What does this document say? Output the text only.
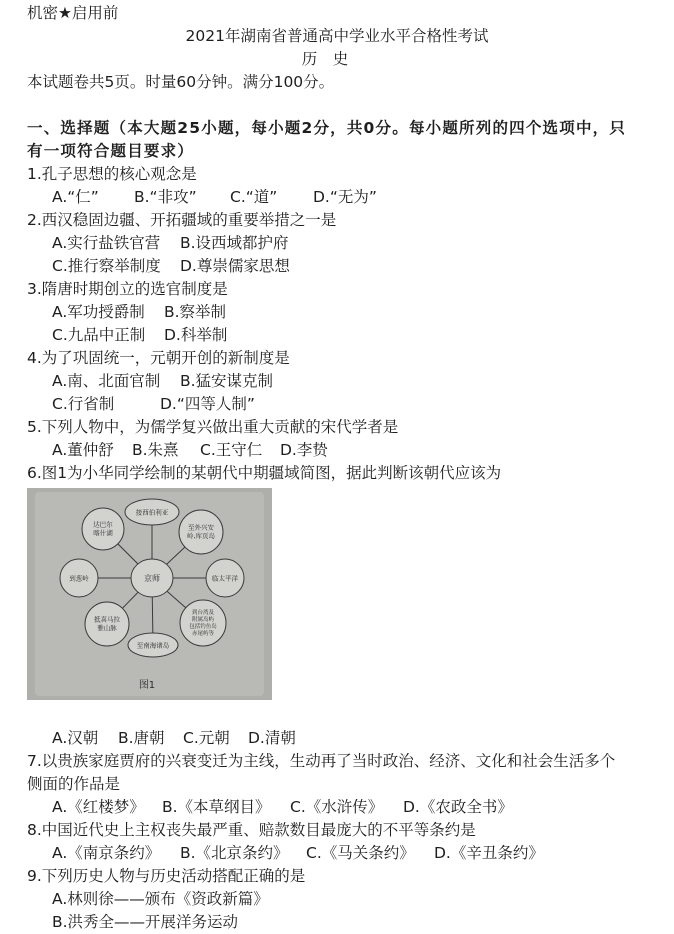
机密★启用前
2021年湖南省普通高中学业水平合格性考试
历　史
本试题卷共5页。时量60分钟。满分100分。
一、选择题（本大题25小题，每小题2分，共0分。每小题所列的四个选项中，只
有一项符合题目要求）
1.孔子思想的核心观念是
A.“仁” B.“非攻” C.“道” D.“无为”
2.西汉稳固边疆、开拓疆域的重要举措之一是
A.实行盐铁官营 B.设西域都护府
C.推行察举制度 D.尊崇儒家思想
3.隋唐时期创立的选官制度是
A.军功授爵制 B.察举制
C.九品中正制 D.科举制
4.为了巩固统一，元朝开创的新制度是
A.南、北面官制 B.猛安谋克制
C.行省制	D.“四等人制”
5.下列人物中，为儒学复兴做出重大贡献的宋代学者是
A.董仲舒 B.朱熹 C.王守仁 D.李贽
6.图1为小华同学绘制的某朝代中期疆域简图，据此判断该朝代应该为
京师
接西伯利亚
达巴尔
喀什湖
至外兴安
岭,库页岛
到葱岭	临太平洋
抵喜马拉
雅山脉
到台湾及
附属岛屿
包括钓鱼岛
赤尾屿等
至南海诸岛
图1
A.汉朝 B.唐朝 C.元朝 D.清朝
7.以贵族家庭贾府的兴衰变迁为主线，生动再了当时政治、经济、文化和社会生活多个
侧面的作品是
A.《红楼梦》 B.《本草纲目》 C.《水浒传》 D.《农政全书》
8.中国近代史上主权丧失最严重、赔款数目最庞大的不平等条约是
A.《南京条约》 B.《北京条约》 C.《马关条约》 D.《辛丑条约》
9.下列历史人物与历史活动搭配正确的是
A.林则徐——颁布《资政新篇》
B.洪秀全——开展洋务运动
